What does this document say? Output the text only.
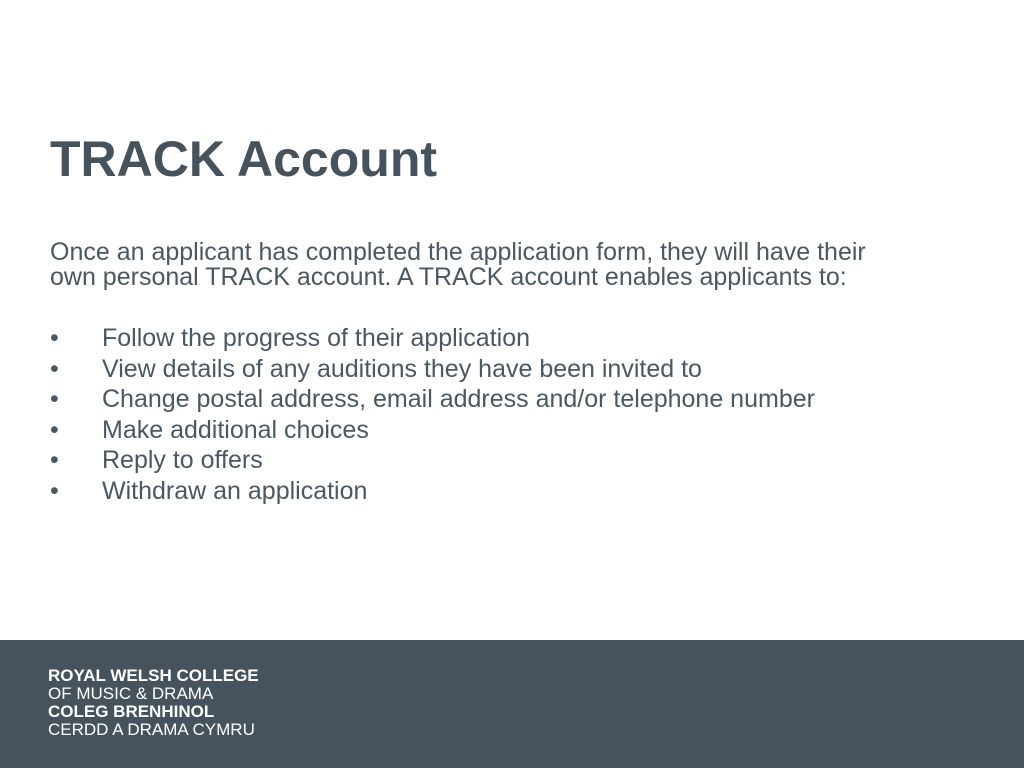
TRACK Account

Once an applicant has completed the application form, they will have their
own personal TRACK account. A TRACK account enables applicants to:

• Follow the progress of their application
• View details of any auditions they have been invited to
• Change postal address, email address and/or telephone number
• Make additional choices
• Reply to offers
• Withdraw an application
ROYAL WELSH COLLEGE
OF MUSIC & DRAMA
COLEG BRENHINOL
CERDD A DRAMA CYMRU
